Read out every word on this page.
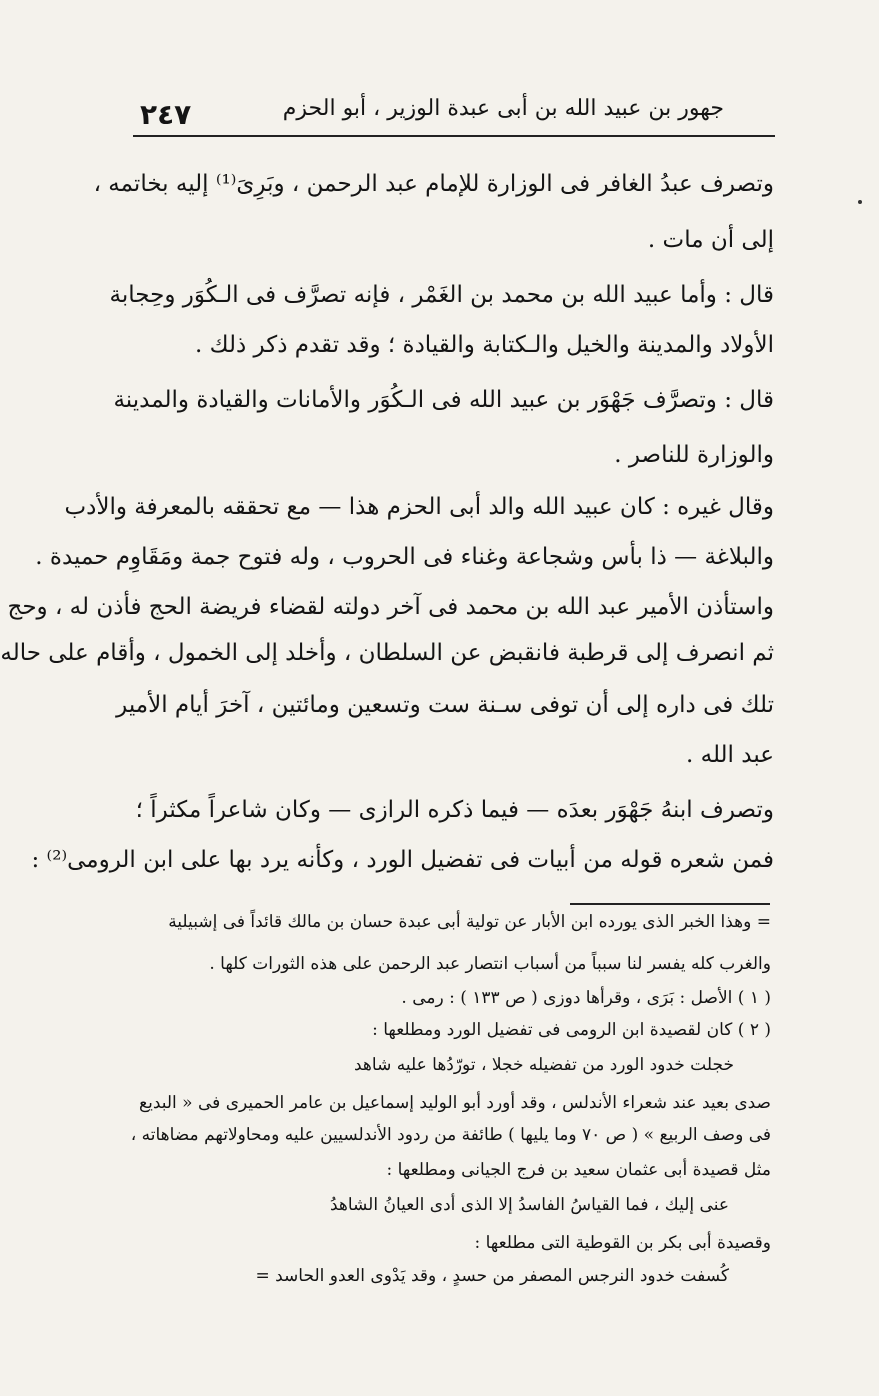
٢٤٧	جهور بن عبيد الله بن أبى عبدة الوزير ، أبو الحزم
وتصرف عبدُ الغافر فى الوزارة للإمام عبد الرحمن ، وبَرِىَ⁽¹⁾ إليه بخاتمه ،
إلى أن مات .
قال : وأما عبيد الله بن محمد بن الغَمْر ، فإنه تصرَّف فى الـكُوَر وحِجابة
الأولاد والمدينة والخيل والـكتابة والقيادة ؛ وقد تقدم ذكر ذلك .
قال : وتصرَّف جَهْوَر بن عبيد الله فى الـكُوَر والأمانات والقيادة والمدينة
والوزارة للناصر .
وقال غيره : كان عبيد الله والد أبى الحزم هذا — مع تحققه بالمعرفة والأدب
والبلاغة — ذا بأس وشجاعة وغناء فى الحروب ، وله فتوح جمة ومَقَاوِم حميدة .
واستأذن الأمير عبد الله بن محمد فى آخر دولته لقضاء فريضة الحج فأذن له ، وحج
ثم انصرف إلى قرطبة فانقبض عن السلطان ، وأخلد إلى الخمول ، وأقام على حاله
تلك فى داره إلى أن توفى سـنة ست وتسعين ومائتين ، آخرَ أيام الأمير
عبد الله .
وتصرف ابنهُ جَهْوَر بعدَه — فيما ذكره الرازى — وكان شاعراً مكثراً ؛
فمن شعره قوله من أبيات فى تفضيل الورد ، وكأنه يرد بها على ابن الرومى⁽²⁾ :
= وهذا الخبر الذى يورده ابن الأبار عن تولية أبى عبدة حسان بن مالك قائداً فى إشبيلية
والغرب كله يفسر لنا سبباً من أسباب انتصار عبد الرحمن على هذه الثورات كلها .
( ١ ) الأصل : بَرَى ، وقرأها دوزى ( ص ١٣٣ ) : رمى .
( ٢ ) كان لقصيدة ابن الرومى فى تفضيل الورد ومطلعها :
خجلت خدود الورد من تفضيله خجلا ، تورّدُها عليه شاهد
صدى بعيد عند شعراء الأندلس ، وقد أورد أبو الوليد إسماعيل بن عامر الحميرى فى « البديع
فى وصف الربيع » ( ص ٧٠ وما يليها ) طائفة من ردود الأندلسيين عليه ومحاولاتهم مضاهاته ،
مثل قصيدة أبى عثمان سعيد بن فرج الجيانى ومطلعها :
عنى إليك ، فما القياسُ الفاسدُ إلا الذى أدى العيانُ الشاهدُ
وقصيدة أبى بكر بن القوطية التى مطلعها :
كُسفت خدود النرجس المصفر من حسدٍ ، وقد يَدْوى العدو الحاسد =
